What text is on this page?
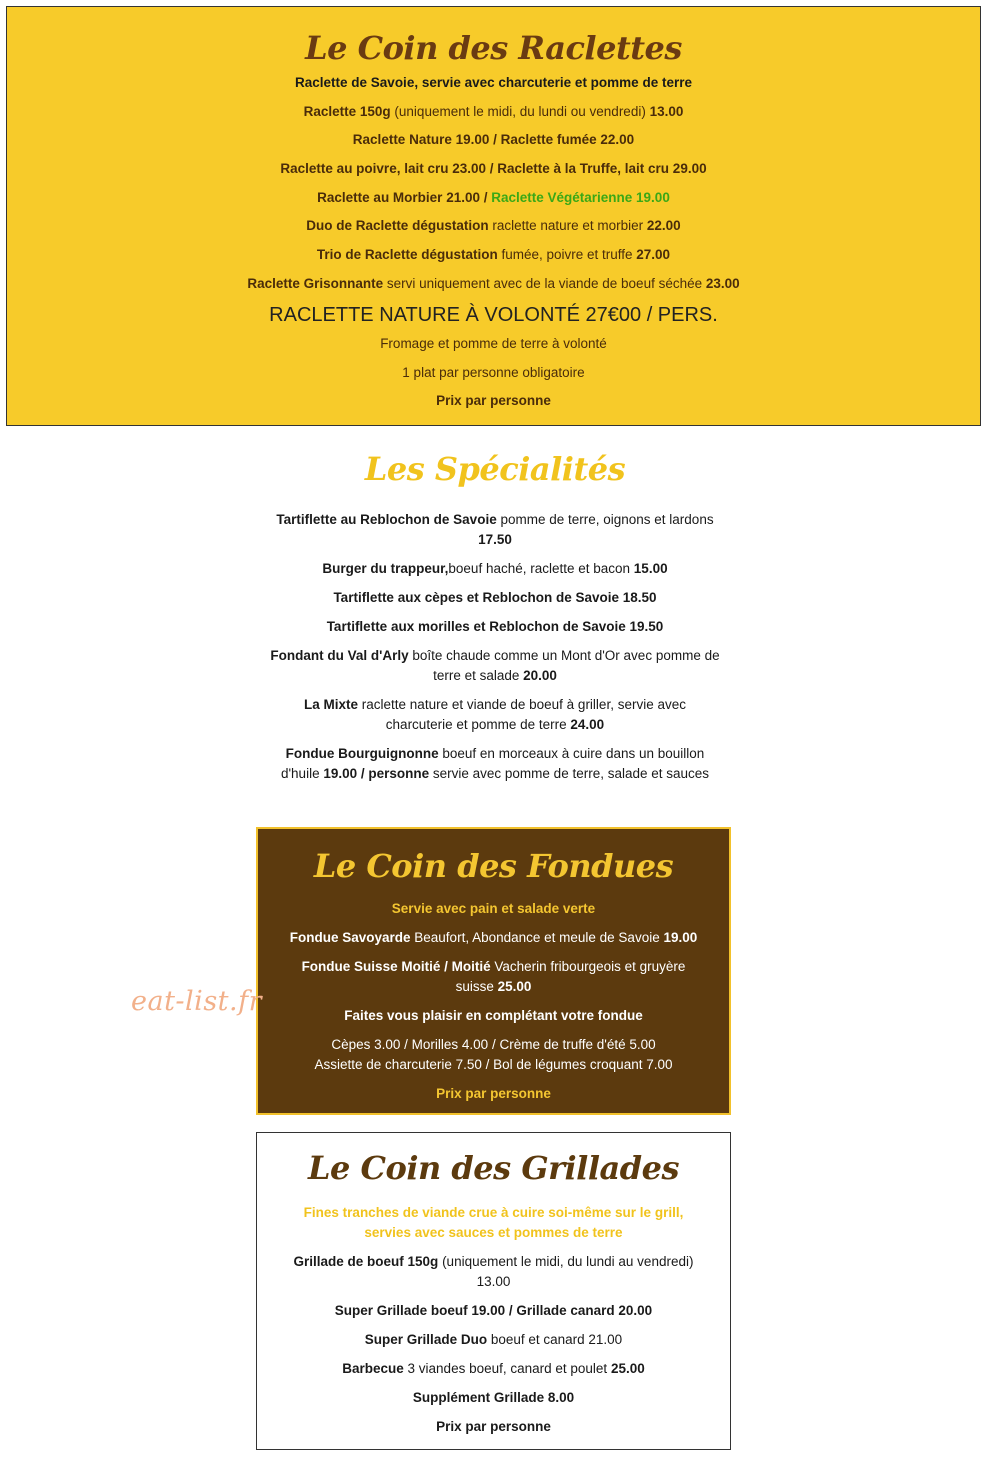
Le Coin des Raclettes

Raclette de Savoie, servie avec charcuterie et pomme de terre

Raclette 150g (uniquement le midi, du lundi ou vendredi) 13.00

Raclette Nature 19.00 / Raclette fumée 22.00

Raclette au poivre, lait cru 23.00 / Raclette à la Truffe, lait cru 29.00

Raclette au Morbier 21.00 / Raclette Végétarienne 19.00

Duo de Raclette dégustation raclette nature et morbier 22.00

Trio de Raclette dégustation fumée, poivre et truffe 27.00

Raclette Grisonnante servi uniquement avec de la viande de boeuf séchée 23.00

RACLETTE NATURE À VOLONTÉ 27€00 / PERS.

Fromage et pomme de terre à volonté

1 plat par personne obligatoire

Prix par personne

Les Spécialités

Tartiflette au Reblochon de Savoie pomme de terre, oignons et lardons 17.50

Burger du trappeur,boeuf haché, raclette et bacon 15.00

Tartiflette aux cèpes et Reblochon de Savoie 18.50

Tartiflette aux morilles et Reblochon de Savoie 19.50

Fondant du Val d'Arly boîte chaude comme un Mont d'Or avec pomme de terre et salade 20.00

La Mixte raclette nature et viande de boeuf à griller, servie avec charcuterie et pomme de terre 24.00

Fondue Bourguignonne boeuf en morceaux à cuire dans un bouillon d'huile 19.00 / personne servie avec pomme de terre, salade et sauces

Le Coin des Fondues

Servie avec pain et salade verte

Fondue Savoyarde Beaufort, Abondance et meule de Savoie 19.00

Fondue Suisse Moitié / Moitié Vacherin fribourgeois et gruyère suisse 25.00

Faites vous plaisir en complétant votre fondue

Cèpes 3.00 / Morilles 4.00 / Crème de truffe d'été 5.00

Assiette de charcuterie 7.50 / Bol de légumes croquant 7.00

Prix par personne

eat-list.fr
Le Coin des Grillades

Fines tranches de viande crue à cuire soi-même sur le grill,
servies avec sauces et pommes de terre

Grillade de boeuf 150g (uniquement le midi, du lundi au vendredi) 13.00

Super Grillade boeuf 19.00 / Grillade canard 20.00

Super Grillade Duo boeuf et canard 21.00

Barbecue 3 viandes boeuf, canard et poulet 25.00

Supplément Grillade 8.00

Prix par personne
